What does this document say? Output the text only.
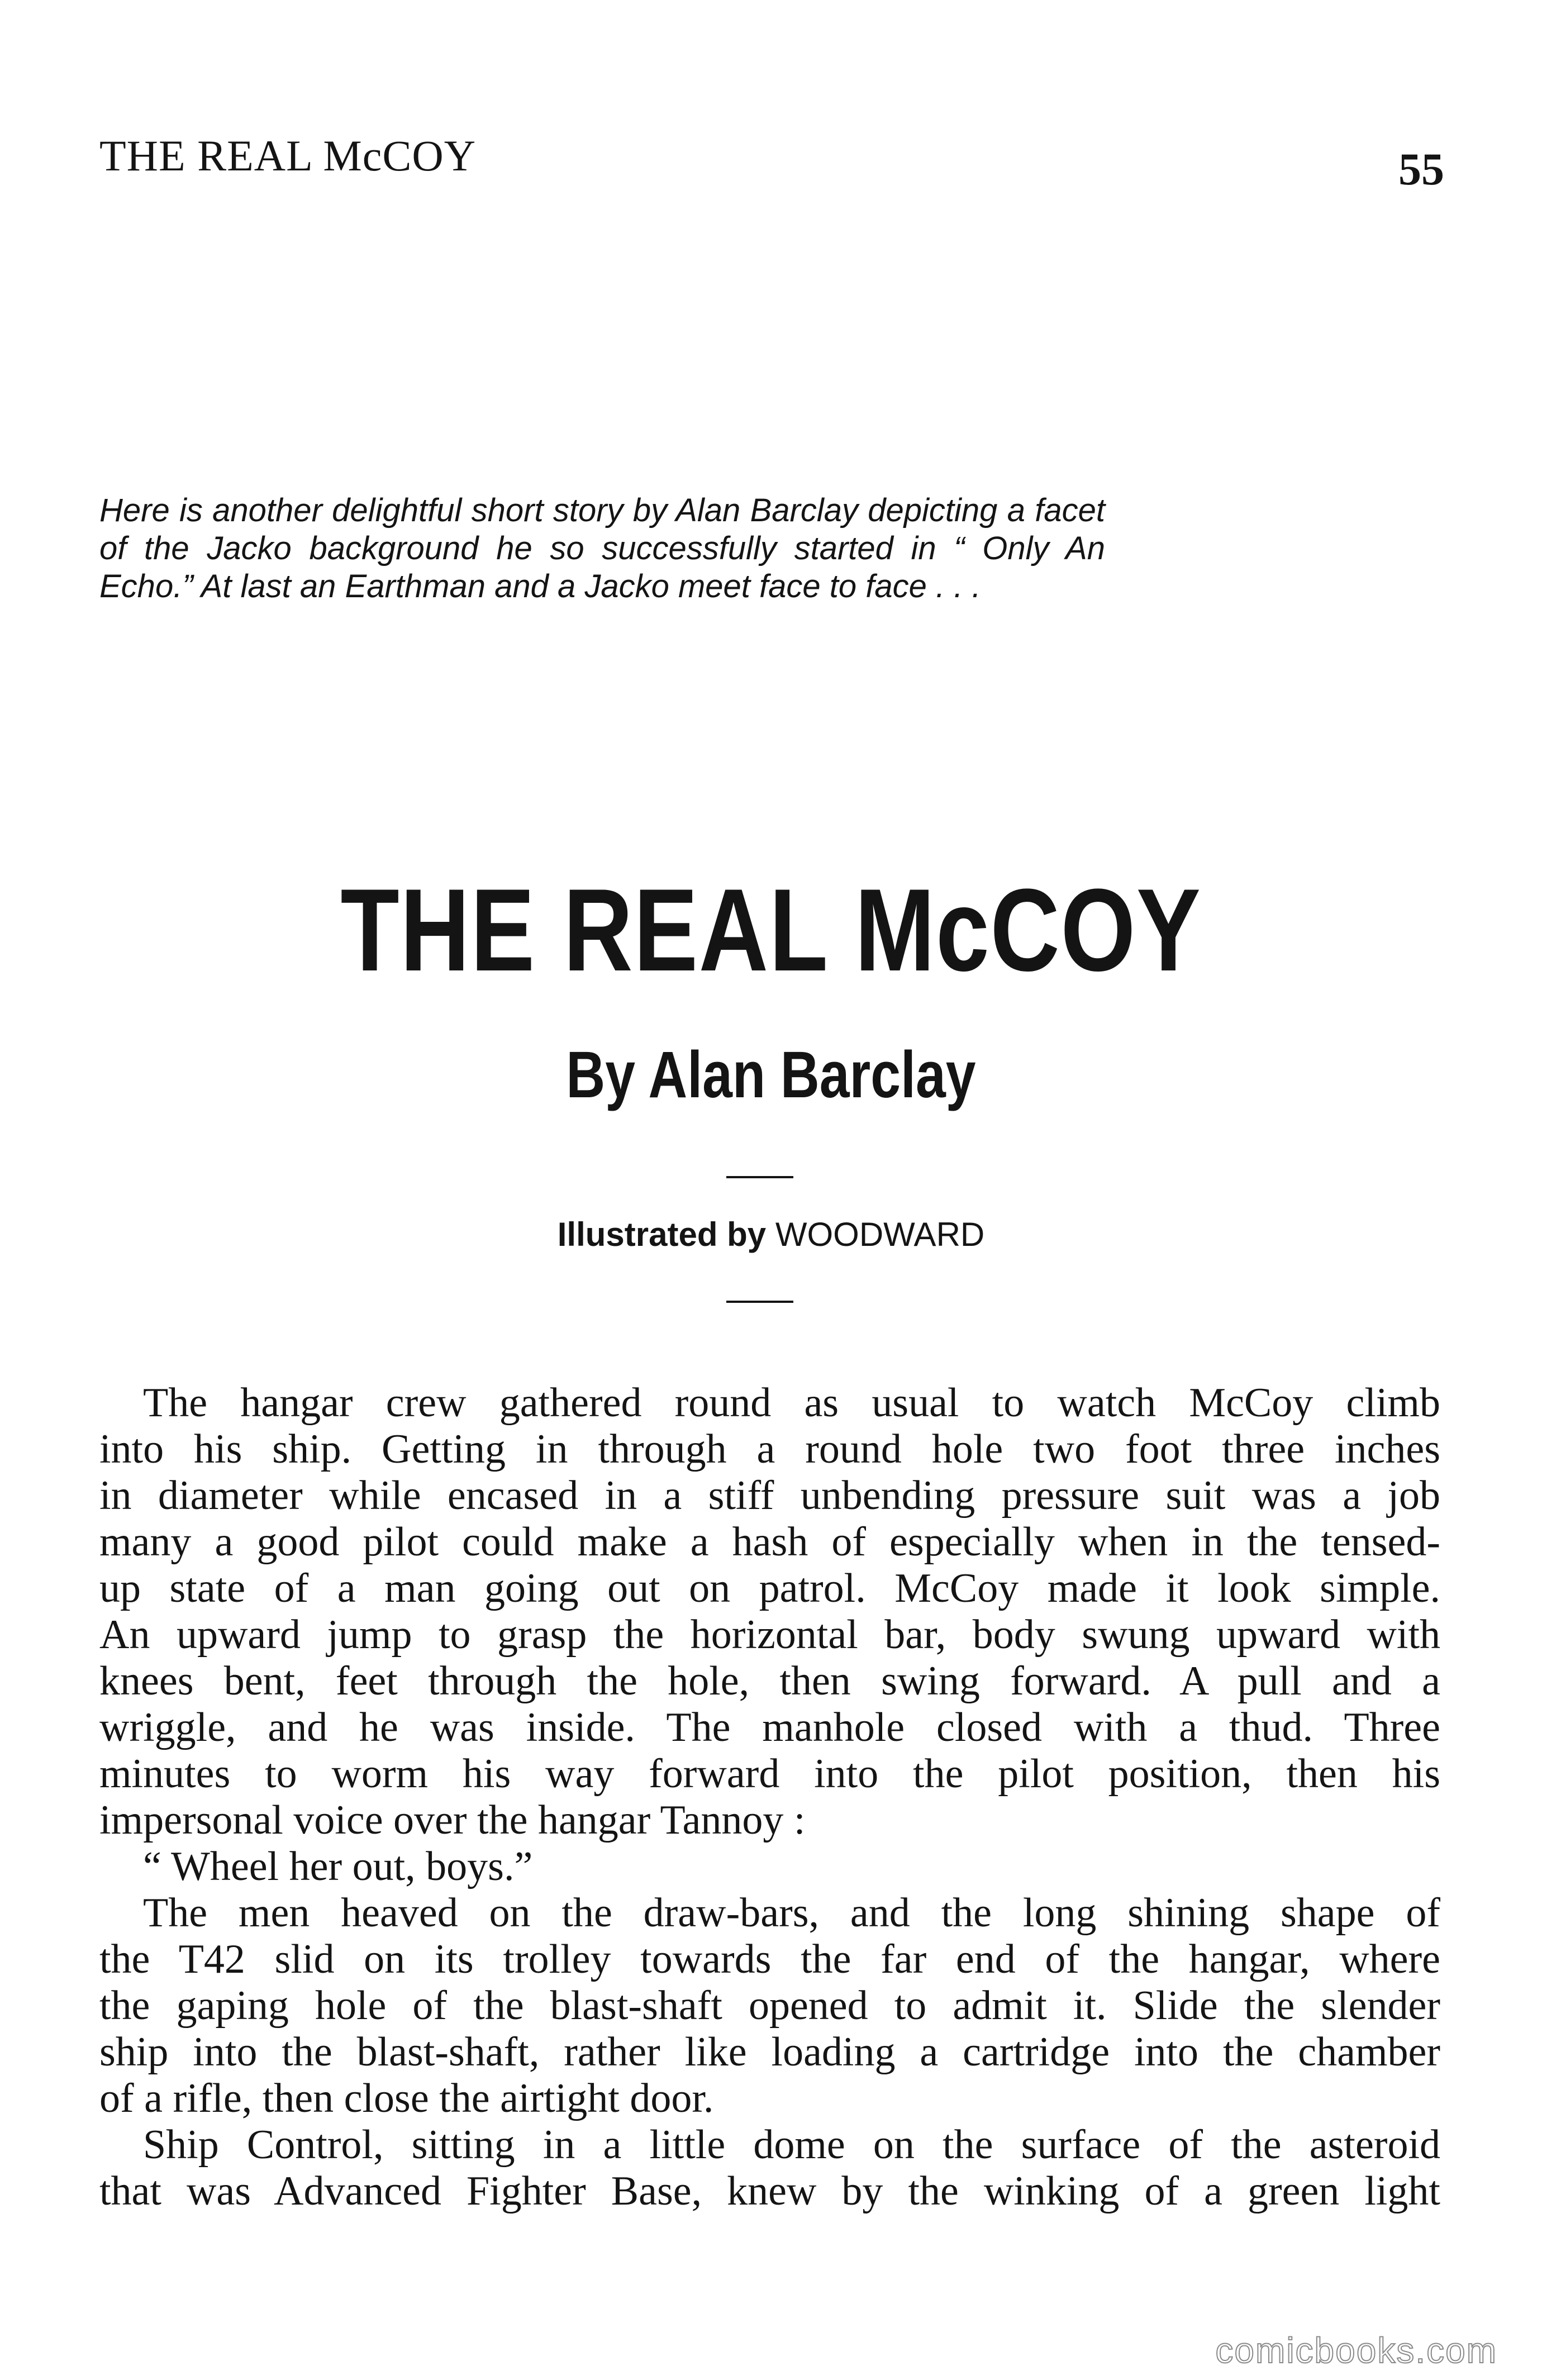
THE REAL McCOY	55
Here is another delightful short story by Alan Barclay depicting a facet of the Jacko background he so successfully started in “ Only An Echo.” At last an Earthman and a Jacko meet face to face . . .
THE REAL McCOY
By Alan Barclay
Illustrated by WOODWARD
The hangar crew gathered round as usual to watch McCoy climb
into his ship. Getting in through a round hole two foot three inches
in diameter while encased in a stiff unbending pressure suit was a job
many a good pilot could make a hash of especially when in the tensed-
up state of a man going out on patrol. McCoy made it look simple.
An upward jump to grasp the horizontal bar, body swung upward with
knees bent, feet through the hole, then swing forward. A pull and a
wriggle, and he was inside. The manhole closed with a thud. Three
minutes to worm his way forward into the pilot position, then his
impersonal voice over the hangar Tannoy :
“ Wheel her out, boys.”
The men heaved on the draw-bars, and the long shining shape of
the T42 slid on its trolley towards the far end of the hangar, where
the gaping hole of the blast-shaft opened to admit it. Slide the slender
ship into the blast-shaft, rather like loading a cartridge into the chamber
of a rifle, then close the airtight door.
Ship Control, sitting in a little dome on the surface of the asteroid
that was Advanced Fighter Base, knew by the winking of a green light
comicbooks.com
